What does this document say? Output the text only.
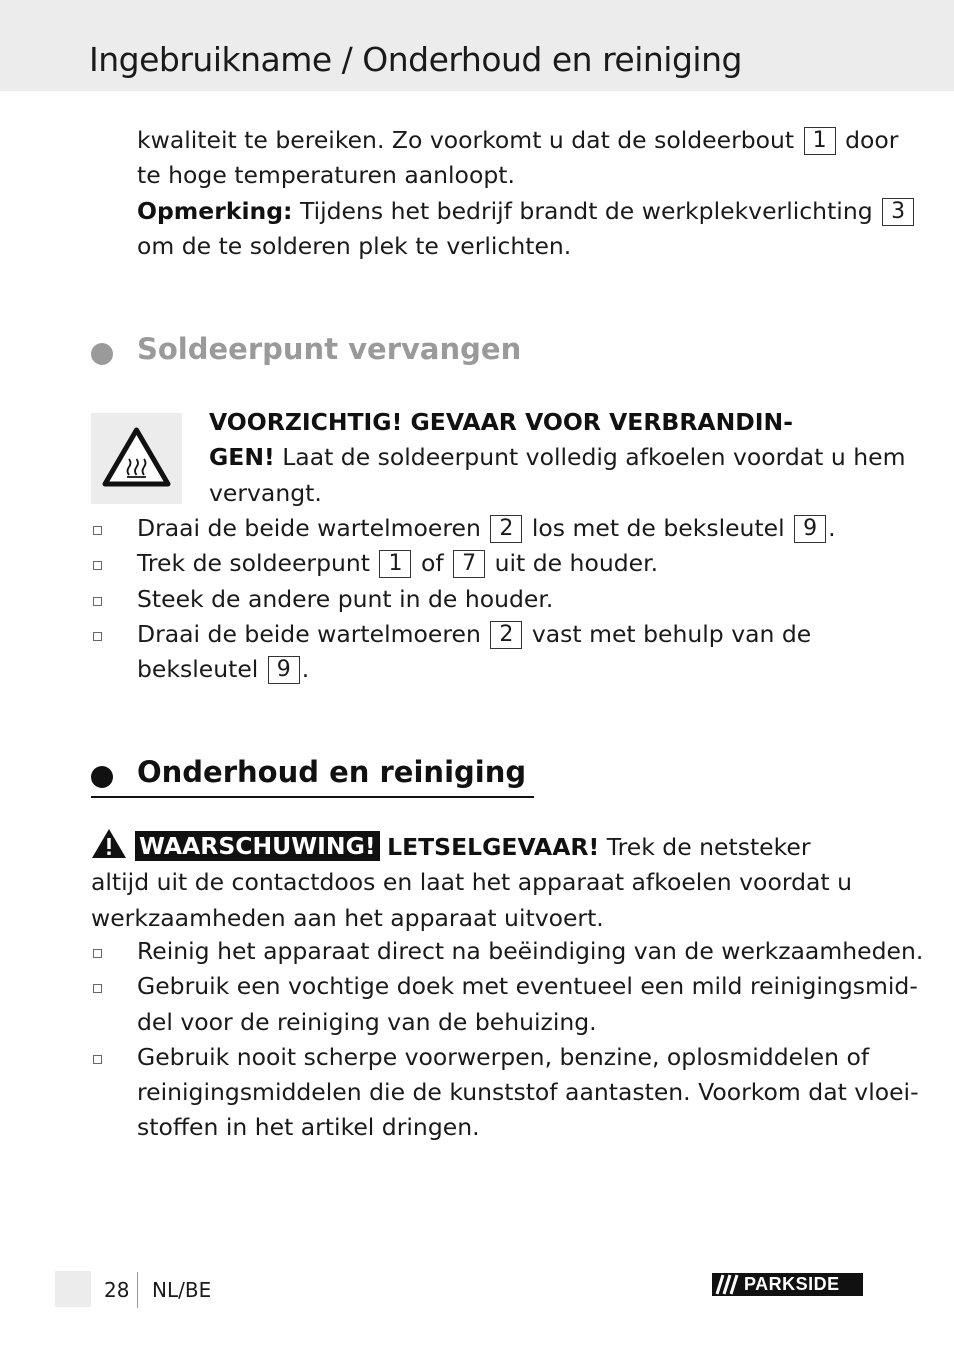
Ingebruikname / Onderhoud en reiniging
kwaliteit te bereiken. Zo voorkomt u dat de soldeerbout 1 door
te hoge temperaturen aanloopt.
Opmerking: Tijdens het bedrijf brandt de werkplekverlichting 3
om de te solderen plek te verlichten.
Soldeerpunt vervangen
VOORZICHTIG! GEVAAR VOOR VERBRANDIN-
GEN! Laat de soldeerpunt volledig afkoelen voordat u hem
vervangt.
Draai de beide wartelmoeren 2 los met de beksleutel 9 .
Trek de soldeerpunt 1 of 7 uit de houder.
Steek de andere punt in de houder.
Draai de beide wartelmoeren 2 vast met behulp van de
beksleutel 9 .
Onderhoud en reiniging
WAARSCHUWING! LETSELGEVAAR! Trek de netsteker
altijd uit de contactdoos en laat het apparaat afkoelen voordat u
werkzaamheden aan het apparaat uitvoert.
Reinig het apparaat direct na beëindiging van de werkzaamheden.
Gebruik een vochtige doek met eventueel een mild reinigingsmid-
del voor de reiniging van de behuizing.
Gebruik nooit scherpe voorwerpen, benzine, oplosmiddelen of
reinigingsmiddelen die de kunststof aantasten. Voorkom dat vloei-
stoffen in het artikel dringen.
28 NL/BE	PARKSIDE
